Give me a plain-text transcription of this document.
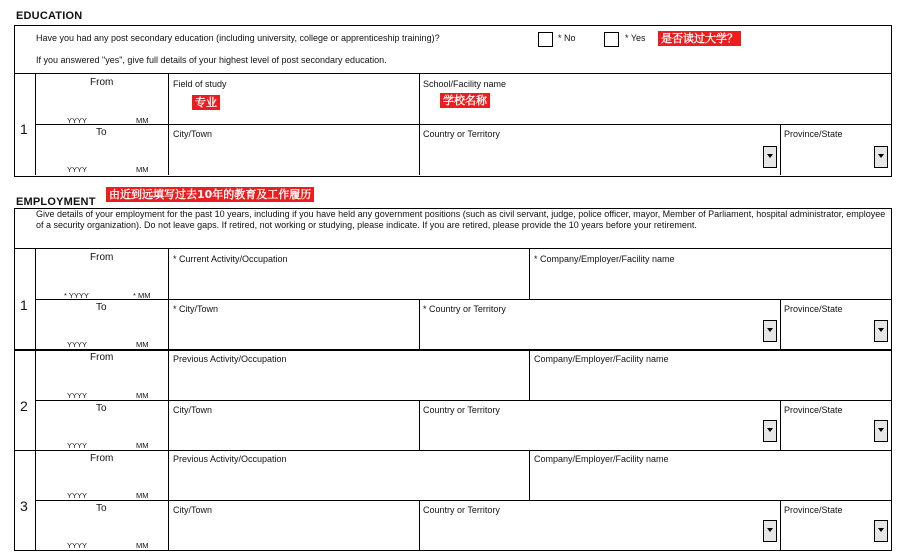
EDUCATION
Have you had any post secondary education (including university, college or apprenticeship training)?	* No	* Yes 是否读过大学？
If you answered "yes", give full details of your highest level of post secondary education.
1
From
YYYY	MM
To
YYYY	MM
Field of study
专业
School/Facility name
学校名称
City/Town	Country or Territory	Province/State
EMPLOYMENT
由近到远填写过去10年的教育及工作履历
Give details of your employment for the past 10 years, including if you have held any government positions (such as civil servant, judge, police officer, mayor, Member of Parliament, hospital administrator, employee of a security organization). Do not leave gaps. If retired, not working or studying, please indicate. If you are retired, please provide the 10 years before your retirement.
1
From
* YYYY	* MM
To
YYYY	MM
* Current Activity/Occupation	* Company/Employer/Facility name
* City/Town	* Country or Territory	Province/State
2
From
YYYY	MM
To
YYYY	MM
Previous Activity/Occupation	Company/Employer/Facility name
City/Town	Country or Territory	Province/State
3
From
YYYY	MM
To
YYYY	MM
Previous Activity/Occupation	Company/Employer/Facility name
City/Town	Country or Territory	Province/State
